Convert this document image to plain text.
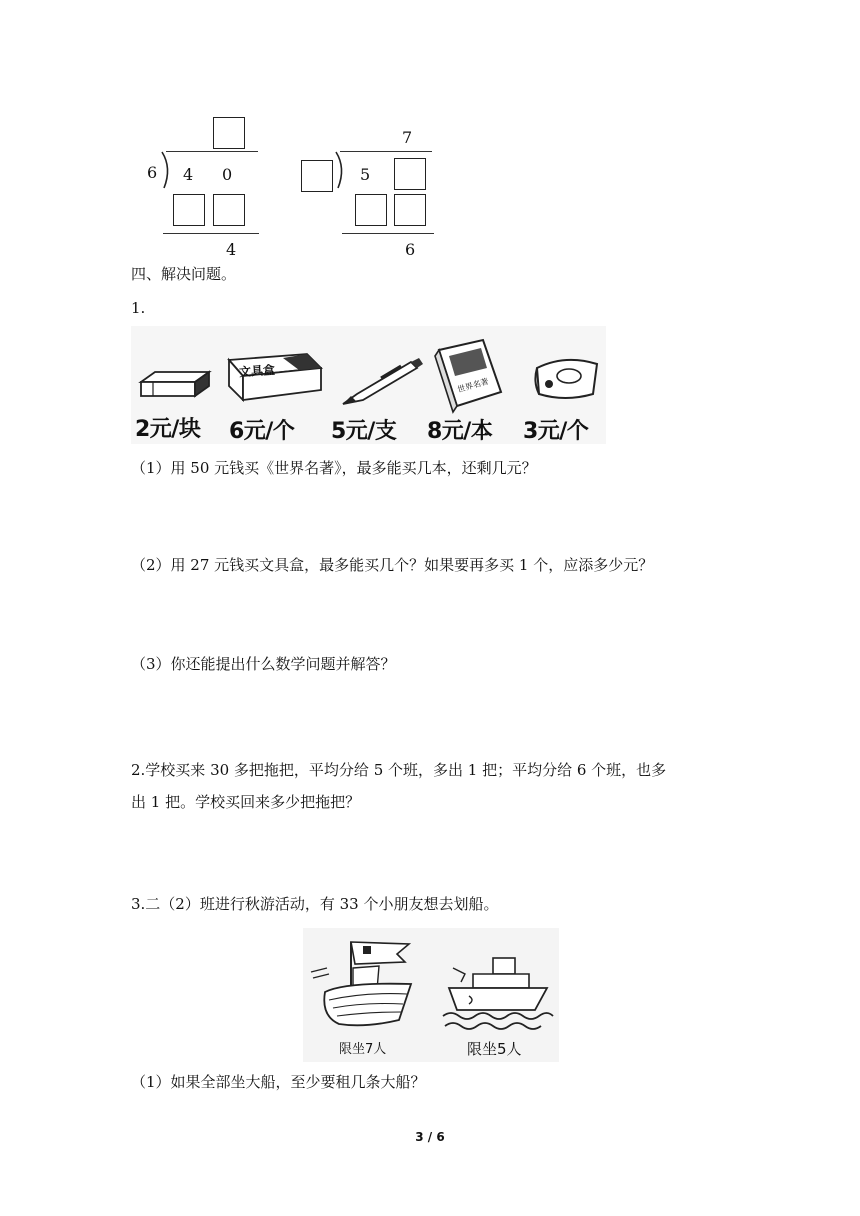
6 4 0
4
7
5
6
四、解决问题。
1.
文具盒
世界名著
2元/块 6元/个 5元/支 8元/本 3元/个
（1）用 50 元钱买《世界名著》，最多能买几本，还剩几元？
（2）用 27 元钱买文具盒，最多能买几个？如果要再多买 1 个，应添多少元？
（3）你还能提出什么数学问题并解答？
2.学校买来 30 多把拖把，平均分给 5 个班，多出 1 把；平均分给 6 个班，也多
出 1 把。学校买回来多少把拖把？
3.二（2）班进行秋游活动，有 33 个小朋友想去划船。
限坐7人	限坐5人
（1）如果全部坐大船，至少要租几条大船？
3 / 6
